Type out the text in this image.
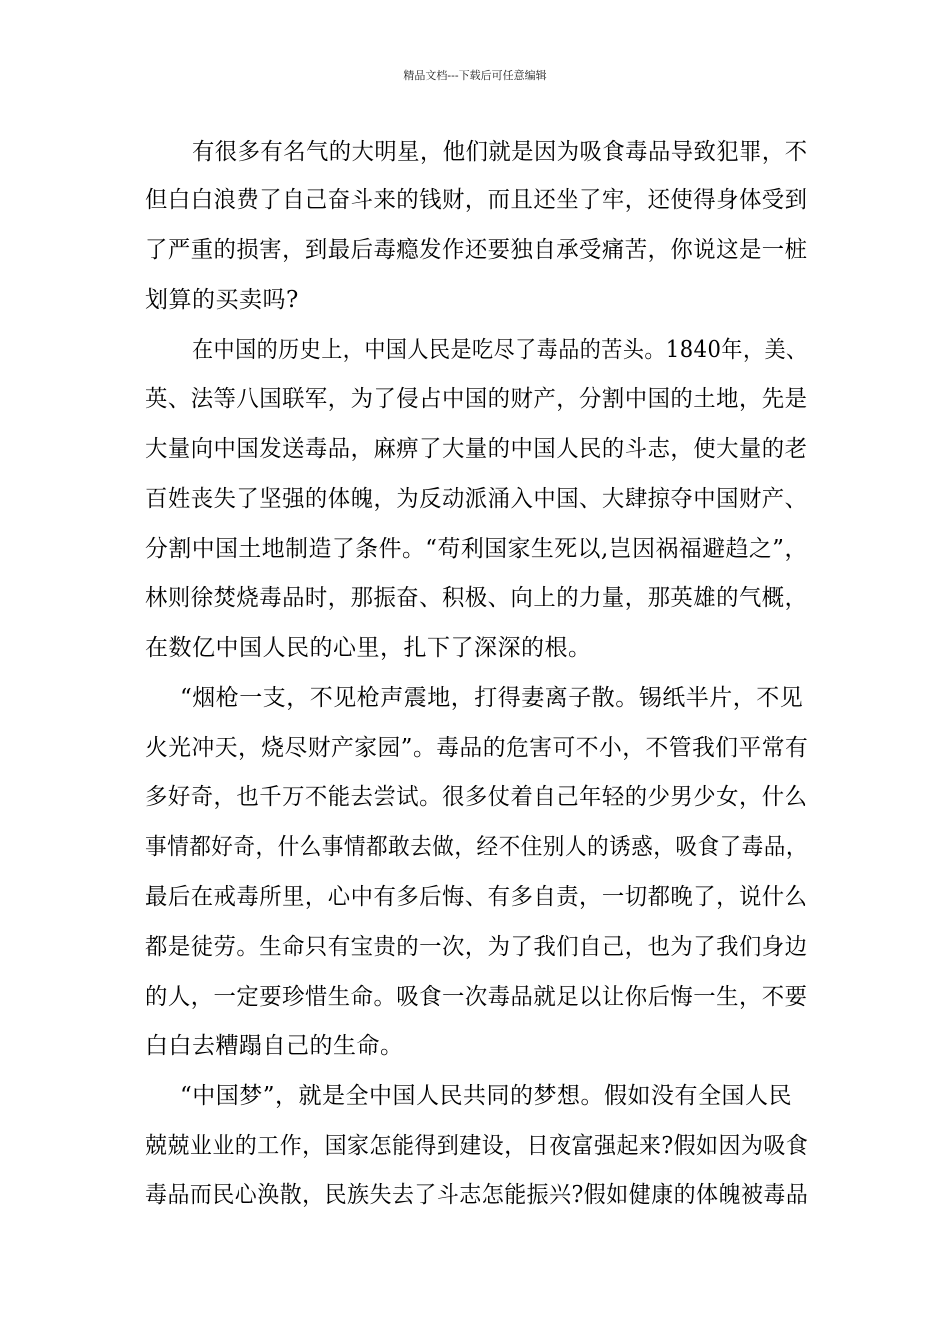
精品文档---下载后可任意编辑
有很多有名气的大明星，他们就是因为吸食毒品导致犯罪，不
但白白浪费了自己奋斗来的钱财，而且还坐了牢，还使得身体受到
了严重的损害，到最后毒瘾发作还要独自承受痛苦，你说这是一桩
划算的买卖吗?
在中国的历史上，中国人民是吃尽了毒品的苦头。1840年，美、
英、法等八国联军，为了侵占中国的财产，分割中国的土地，先是
大量向中国发送毒品，麻痹了大量的中国人民的斗志，使大量的老
百姓丧失了坚强的体魄，为反动派涌入中国、大肆掠夺中国财产、
分割中国土地制造了条件。“苟利国家生死以,岂因祸福避趋之”，
林则徐焚烧毒品时，那振奋、积极、向上的力量，那英雄的气概，
在数亿中国人民的心里，扎下了深深的根。
“烟枪一支，不见枪声震地，打得妻离子散。锡纸半片，不见
火光冲天，烧尽财产家园”。毒品的危害可不小，不管我们平常有
多好奇，也千万不能去尝试。很多仗着自己年轻的少男少女，什么
事情都好奇，什么事情都敢去做，经不住别人的诱惑，吸食了毒品，
最后在戒毒所里，心中有多后悔、有多自责，一切都晚了，说什么
都是徒劳。生命只有宝贵的一次，为了我们自己，也为了我们身边
的人，一定要珍惜生命。吸食一次毒品就足以让你后悔一生，不要
白白去糟蹋自己的生命。
“中国梦”，就是全中国人民共同的梦想。假如没有全国人民
兢兢业业的工作，国家怎能得到建设，日夜富强起来?假如因为吸食
毒品而民心涣散，民族失去了斗志怎能振兴?假如健康的体魄被毒品
